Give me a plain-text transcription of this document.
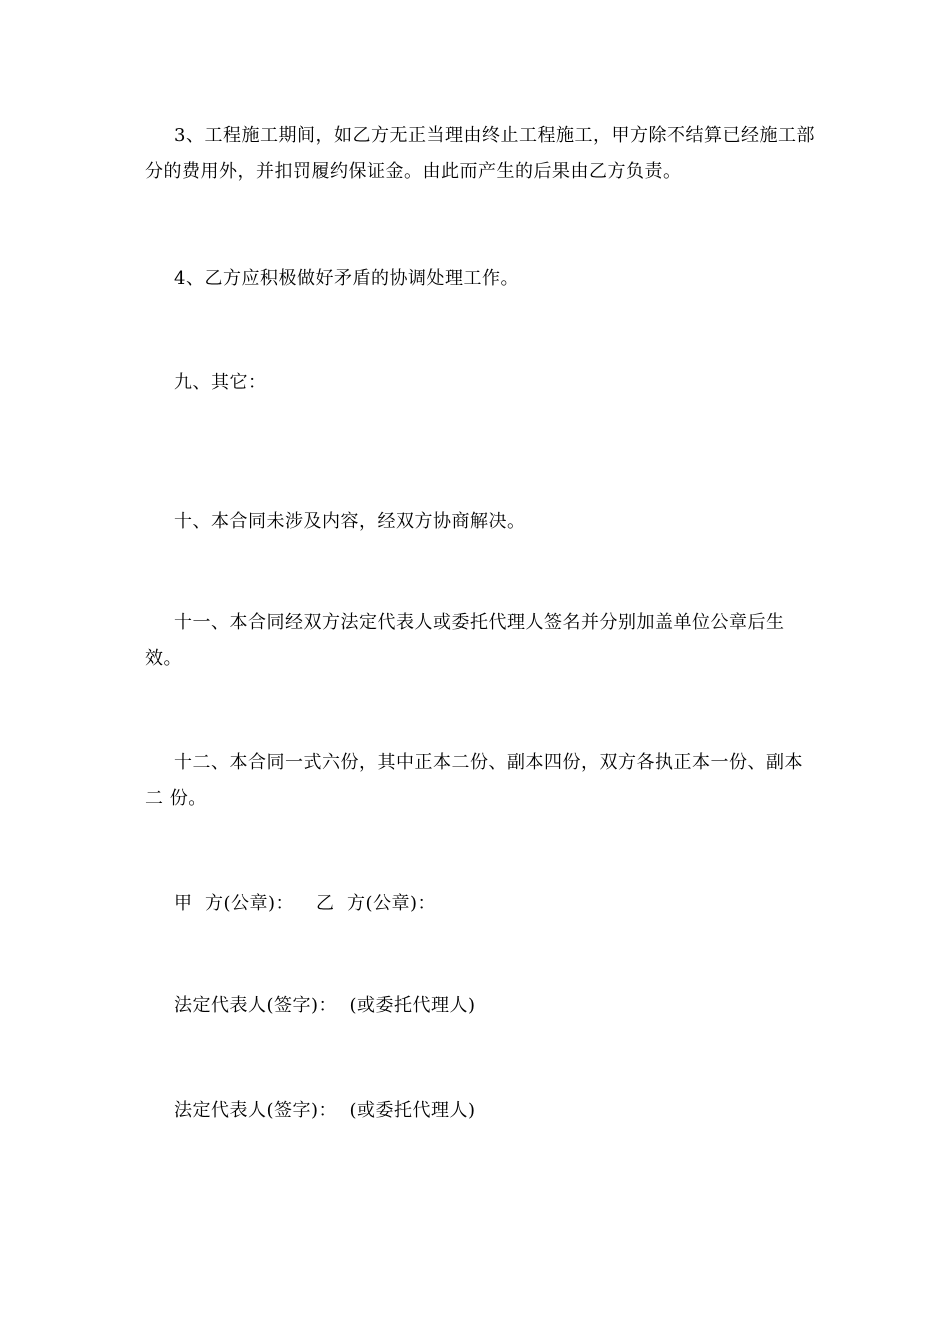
3、工程施工期间，如乙方无正当理由终止工程施工，甲方除不结算已经施工部分的费用外，并扣罚履约保证金。由此而产生的后果由乙方负责。

4、乙方应积极做好矛盾的协调处理工作。

九、其它：

十、本合同未涉及内容，经双方协商解决。

十一、本合同经双方法定代表人或委托代理人签名并分别加盖单位公章后生效。

十二、本合同一式六份，其中正本二份、副本四份，双方各执正本一份、副本二 份。

甲  方(公章)： 乙  方(公章)：

法定代表人(签字)：  (或委托代理人)

法定代表人(签字)：  (或委托代理人)
